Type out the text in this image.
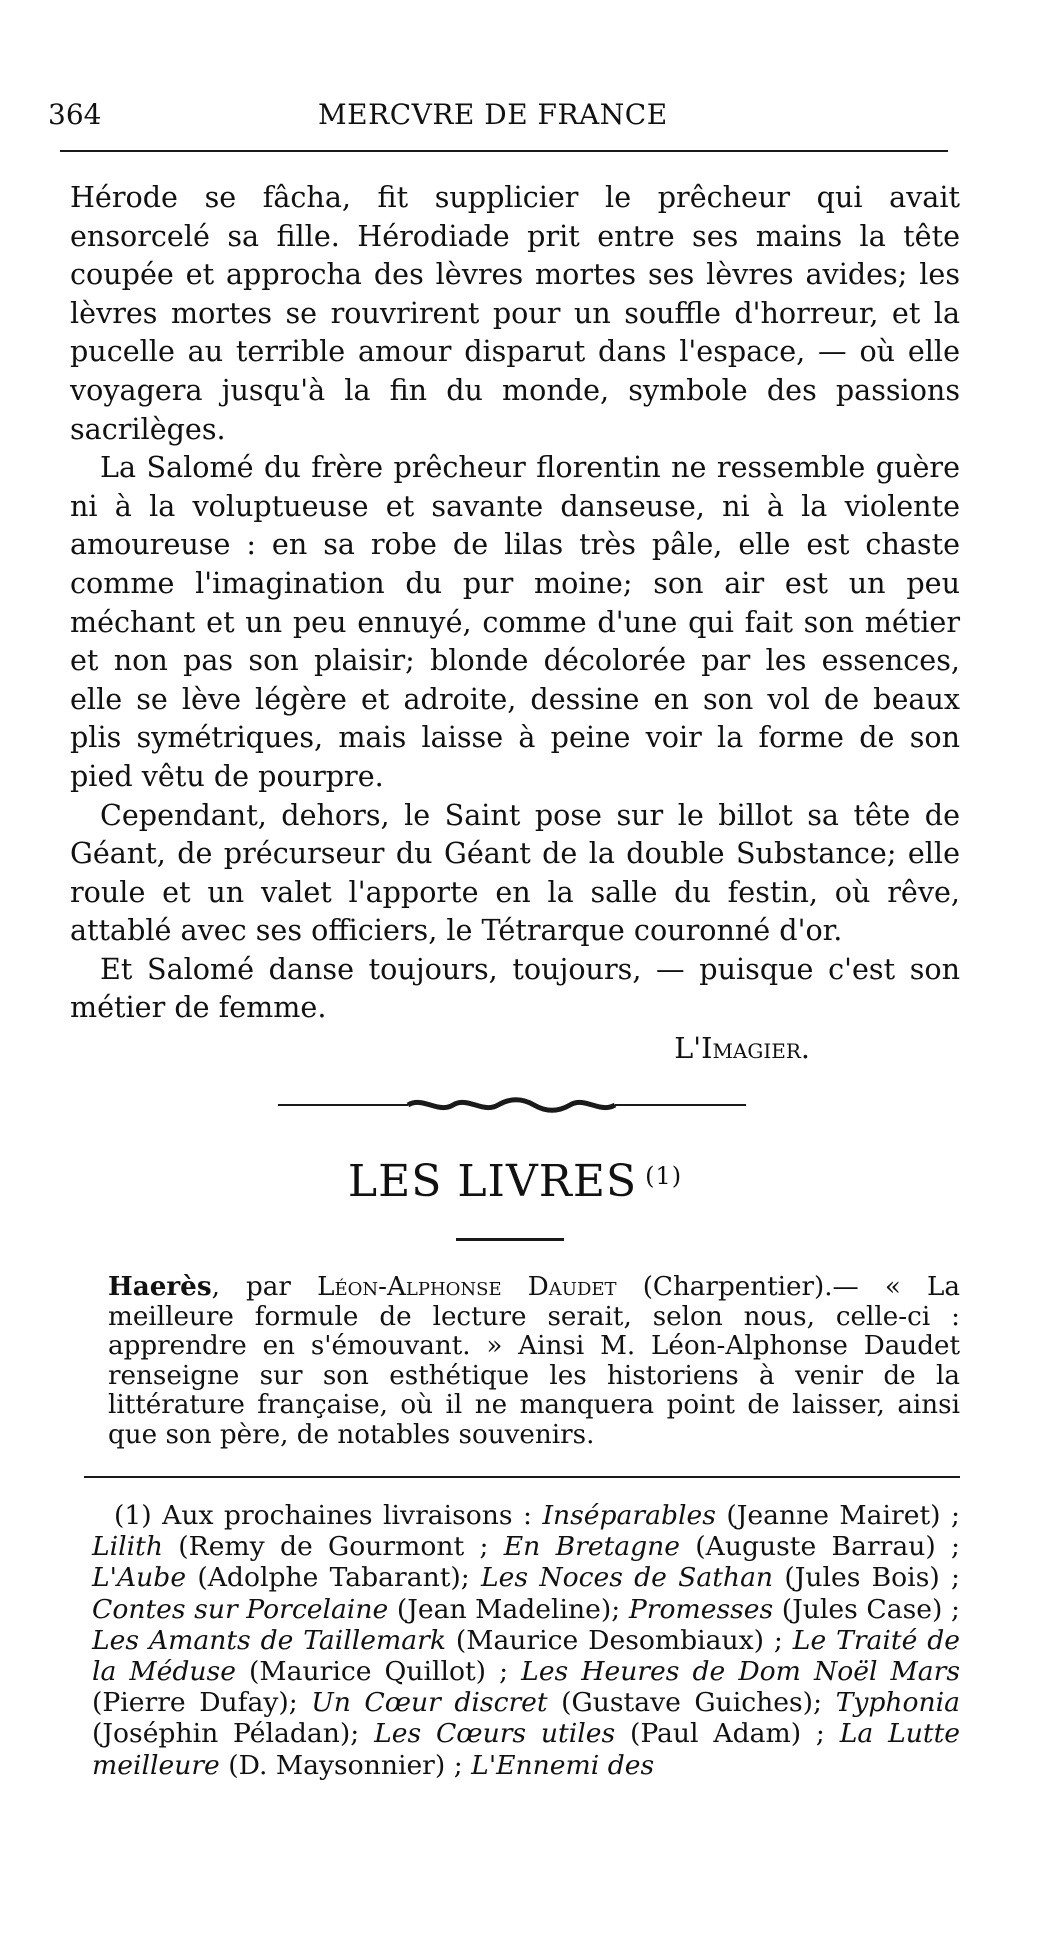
364	MERCVRE DE FRANCE

Hérode se fâcha, fit supplicier le prêcheur qui avait ensorcelé sa fille. Hérodiade prit entre ses mains la tête coupée et approcha des lèvres mortes ses lèvres avides; les lèvres mortes se rouvrirent pour un souffle d'horreur, et la pucelle au terrible amour disparut dans l'espace, — où elle voyagera jusqu'à la fin du monde, symbole des passions sacrilèges.

La Salomé du frère prêcheur florentin ne ressemble guère ni à la voluptueuse et savante danseuse, ni à la violente amoureuse : en sa robe de lilas très pâle, elle est chaste comme l'imagination du pur moine; son air est un peu méchant et un peu ennuyé, comme d'une qui fait son métier et non pas son plaisir; blonde décolorée par les essences, elle se lève légère et adroite, dessine en son vol de beaux plis symétriques, mais laisse à peine voir la forme de son pied vêtu de pourpre.

Cependant, dehors, le Saint pose sur le billot sa tête de Géant, de précurseur du Géant de la double Substance; elle roule et un valet l'apporte en la salle du festin, où rêve, attablé avec ses officiers, le Tétrarque couronné d'or.

Et Salomé danse toujours, toujours, — puisque c'est son métier de femme.

L'Imagier.

LES LIVRES $^{(1)}$

Haerès, par Léon-Alphonse Daudet (Charpentier).— « La meilleure formule de lecture serait, selon nous, celle-ci : apprendre en s'émouvant. » Ainsi M. Léon-Alphonse Daudet renseigne sur son esthétique les historiens à venir de la littérature française, où il ne manquera point de laisser, ainsi que son père, de notables souvenirs.

(1) Aux prochaines livraisons : Inséparables (Jeanne Mairet) ; Lilith (Remy de Gourmont ; En Bretagne (Auguste Barrau) ; L'Aube (Adolphe Tabarant); Les Noces de Sathan (Jules Bois) ; Contes sur Porcelaine (Jean Madeline); Promesses (Jules Case) ; Les Amants de Taillemark (Maurice Desombiaux) ; Le Traité de la Méduse (Maurice Quillot) ; Les Heures de Dom Noël Mars (Pierre Dufay); Un Cœur discret (Gustave Guiches); Typhonia (Joséphin Péladan); Les Cœurs utiles (Paul Adam) ; La Lutte meilleure (D. Maysonnier) ; L'Ennemi des
